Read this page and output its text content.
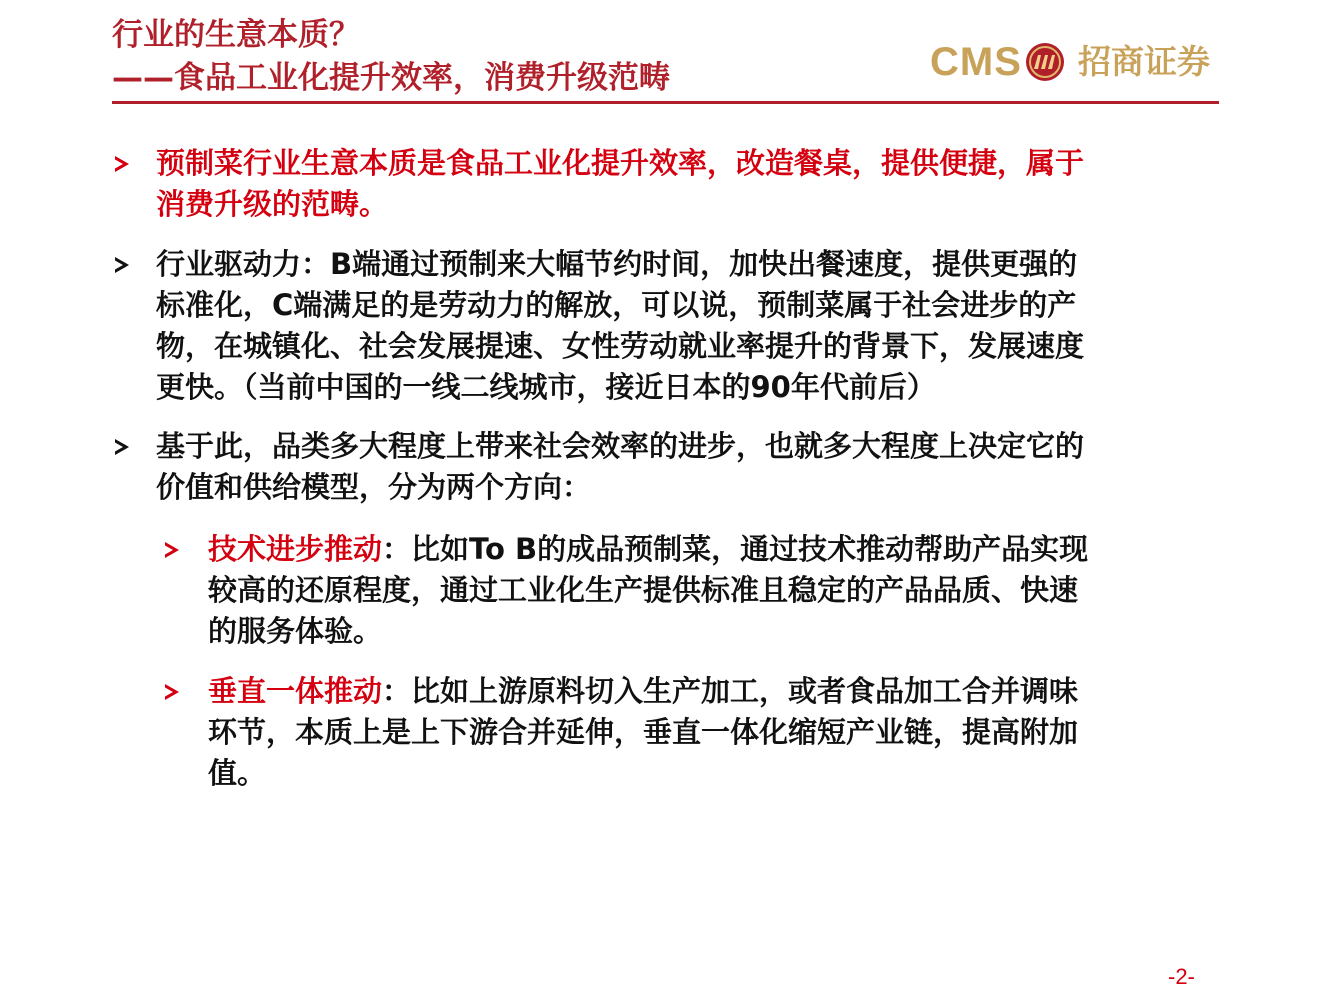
行业的生意本质？
——食品工业化提升效率，消费升级范畴	CMS 招商证券
预制菜行业生意本质是食品工业化提升效率，改造餐桌，提供便捷，属于
消费升级的范畴。
行业驱动力：B端通过预制来大幅节约时间，加快出餐速度，提供更强的
标准化，C端满足的是劳动力的解放，可以说，预制菜属于社会进步的产
物，在城镇化、社会发展提速、女性劳动就业率提升的背景下，发展速度
更快。（当前中国的一线二线城市，接近日本的90年代前后）
基于此，品类多大程度上带来社会效率的进步，也就多大程度上决定它的
价值和供给模型，分为两个方向：
技术进步推动：比如To B的成品预制菜，通过技术推动帮助产品实现
较高的还原程度，通过工业化生产提供标准且稳定的产品品质、快速
的服务体验。
垂直一体推动：比如上游原料切入生产加工，或者食品加工合并调味
环节，本质上是上下游合并延伸，垂直一体化缩短产业链，提高附加
值。
-2-
